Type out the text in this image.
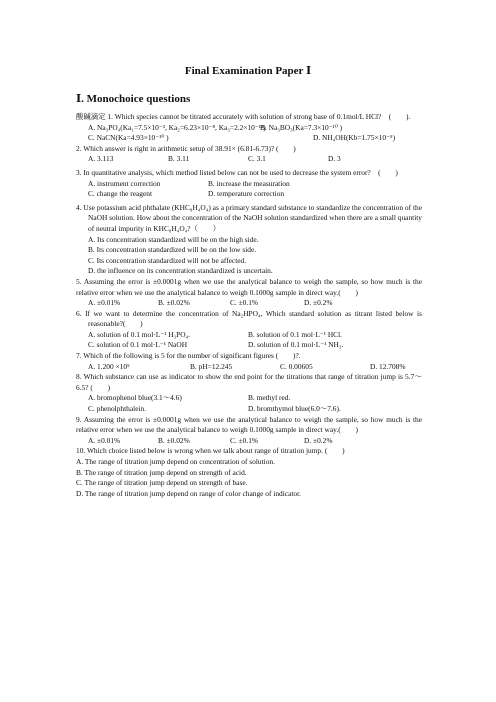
Final Examination Paper Ⅰ
Ⅰ. Monochoice questions

酸碱滴定 1. Which species cannot be titrated accurately with solution of strong base of 0.1mol/L HCl?　(　　).

A. Na₃PO₄(Ka₁=7.5×10⁻³, Ka₂=6.23×10⁻⁸, Ka₃=2.2×10⁻¹³)
B. Na₃BO₃(Ka=7.3×10⁻¹⁰ )
C. NaCN(Ka=4.93×10⁻¹⁰ )	D. NH₄OH(Kb=1.75×10⁻⁵)

2. Which answer is right in arithmetic setup of 38.91× (6.81-6.73)? (　　)

A. 3.113	B. 3.11	C. 3.1	D. 3

3. In quantitative analysis, which method listed below can not be used to decrease the system error?　(　　)

A. instrument correction	B. increase the measuration
C. change the reagent	D. temperature correction

4. Use potassium acid phthalate (KHC₈H₄O₄) as a primary standard substance to standardize the concentration of the NaOH solution. How about the concentration of the NaOH solution standardized when there are a small quantity of neutral impurity in KHC₈H₄O₄?（　　）

A. Its concentration standardized will be on the high side.

B. Its concentration standardized will be on the low side.

C. Its concentration standardized will not be affected.

D. the influence on its concentration standardized is uncertain.

5. Assuming the error is ±0.0001g when we use the analytical balance to weigh the sample, so how much is the relative error when we use the analytical balance to weigh 0.1000g sample in direct way.(　　)

A. ±0.01%	B. ±0.02%	C. ±0.1%	D. ±0.2%

6. If we want to determine the concentration of Na₂HPO₄, Which standard solution as titrant listed below is reasonable?(　　)

A. solution of 0.1 mol·L⁻¹ H₃PO₄.	B. solution of 0.1 mol·L⁻¹ HCl.
C. solution of 0.1 mol·L⁻¹ NaOH	D. solution of 0.1 mol·L⁻¹ NH₃.

7. Which of the following is 5 for the number of significant figures (　　)?.

A. 1.200 ×10⁵	B. pH=12.245	C. 0.00605	D. 12.708%

8. Which substance can use as indicator to show the end point for the titrations that range of titration jump is 5.7～6.5? (　　)

A. bromophenol blue(3.1～4.6)	B. methyl red.
C. phenolphthalein.	D. bromthymol blue(6.0～7.6).

9. Assuming the error is ±0.0001g when we use the analytical balance to weigh the sample, so how much is the relative error when we use the analytical balance to weigh 0.1000g sample in direct way.(　　)

A. ±0.01%	B. ±0.02%	C. ±0.1%	D. ±0.2%

10. Which choice listed below is wrong when we talk about range of titration jump. (　　)

A. The range of titration jump depend on concentration of solution.

B. The range of titration jump depend on strength of acid.

C. The range of titration jump depend on strength of base.

D. The range of titration jump depend on range of color change of indicator.
